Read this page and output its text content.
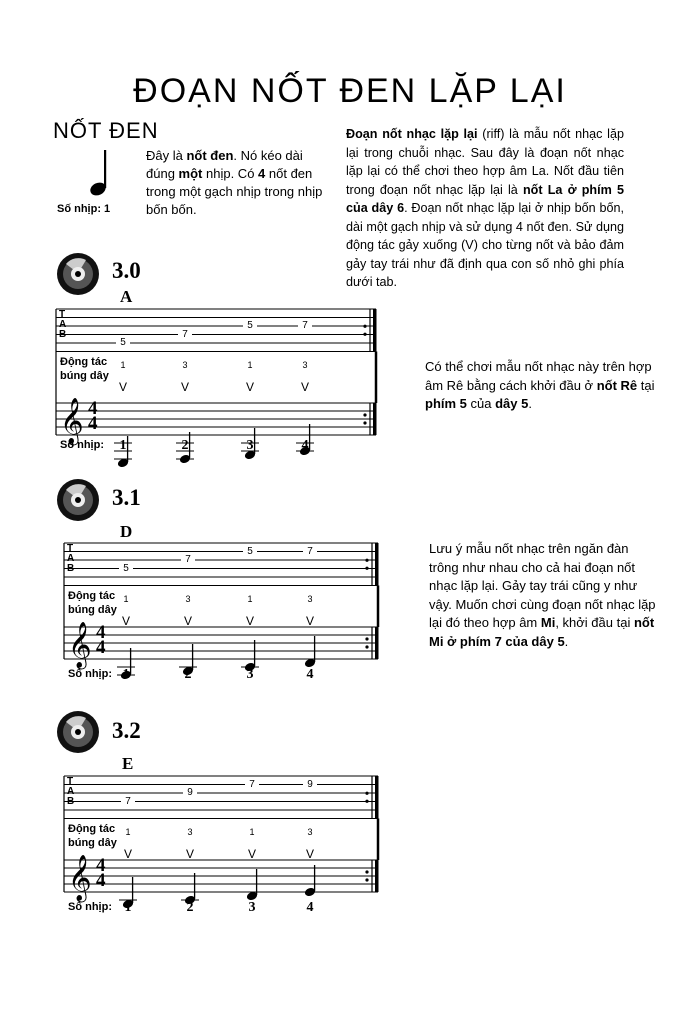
ĐOẠN NỐT ĐEN LẶP LẠI
NỐT ĐEN
Số nhịp: 1
Đây là nốt đen. Nó kéo dài đúng một nhịp. Có 4 nốt đen trong một gạch nhịp trong nhịp bốn bốn.
Đoạn nốt nhạc lặp lại (riff) là mẫu nốt nhạc lặp lại trong chuỗi nhạc. Sau đây là đoạn nốt nhạc lặp lại có thể chơi theo hợp âm La. Nốt đầu tiên trong đoạn nốt nhạc lặp lại là nốt La ở phím 5 của dây 6. Đoạn nốt nhạc lặp lại ở nhịp bốn bốn, dài một gạch nhịp và sử dụng 4 nốt đen. Sử dụng động tác gảy xuống (V) cho từng nốt và bảo đảm gảy tay trái như đã định qua con số nhỏ ghi phía dưới tab.
Có thể chơi mẫu nốt nhạc này trên hợp âm Rê bằng cách khởi đầu ở nốt Rê tại phím 5 của dây 5.
Lưu ý mẫu nốt nhạc trên ngăn đàn trông như nhau cho cả hai đoạn nốt nhạc lặp lại. Gảy tay trái cũng y như vậy. Muốn chơi cùng đoạn nốt nhạc lặp lại đó theo hợp âm Mi, khởi đầu tại nốt Mi ở phím 7 của dây 5.
3.0
A
T
A
B
Động tác
búng dây
𝄞 4
4
5
1
V
1
7
3
V
2
5
1
V
3
7
3
V
4
Số nhịp:
3.1
D
T
A
B
Động tác
búng dây
𝄞 4
4
5
1
V
1
7
3
V
2
5
1
V
3
7
3
V
4
Số nhịp:
3.2
E
T
A
B
Động tác
búng dây
𝄞 4
4
7
1
V
1
9
3
V
2
7
1
V
3
9
3
V
4
Số nhịp:
